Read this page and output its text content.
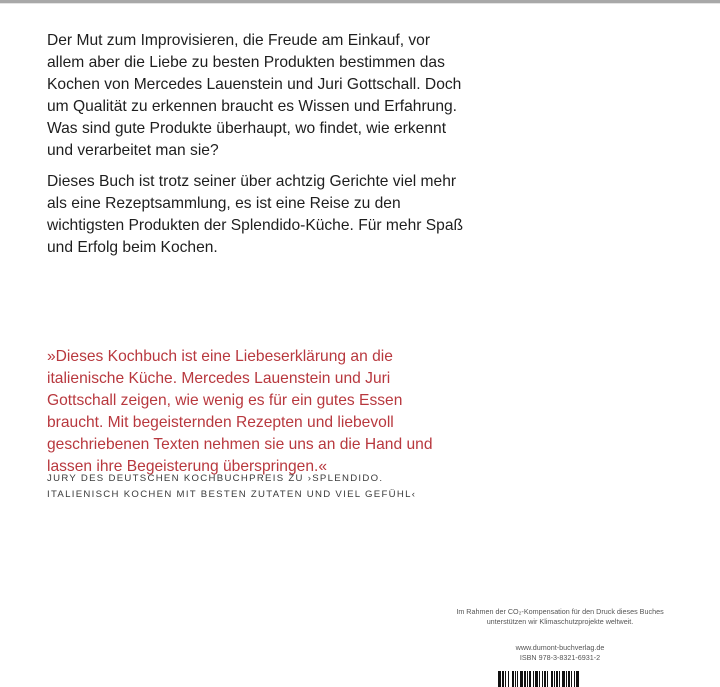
Der Mut zum Improvisieren, die Freude am Einkauf, vor allem aber die Liebe zu besten Produkten bestimmen das Kochen von Mercedes Lauenstein und Juri Gottschall. Doch um Qualität zu erkennen braucht es Wissen und Erfahrung. Was sind gute Produkte überhaupt, wo findet, wie erkennt und verarbeitet man sie?

Dieses Buch ist trotz seiner über achtzig Gerichte viel mehr als eine Rezeptsammlung, es ist eine Reise zu den wichtigsten Produkten der Splendido-Küche. Für mehr Spaß und Erfolg beim Kochen.

»Dieses Kochbuch ist eine Liebeserklärung an die italienische Küche. Mercedes Lauenstein und Juri Gottschall zeigen, wie wenig es für ein gutes Essen braucht. Mit begeisternden Rezepten und liebevoll geschriebenen Texten nehmen sie uns an die Hand und lassen ihre Begeisterung überspringen.«

JURY DES DEUTSCHEN KOCHBUCHPREIS ZU ›SPLENDIDO.
ITALIENISCH KOCHEN MIT BESTEN ZUTATEN UND VIEL GEFÜHL‹
Im Rahmen der CO₂-Kompensation für den Druck dieses Buches
unterstützen wir Klimaschutzprojekte weltweit.
www.dumont-buchverlag.de
ISBN 978-3-8321-6931-2
